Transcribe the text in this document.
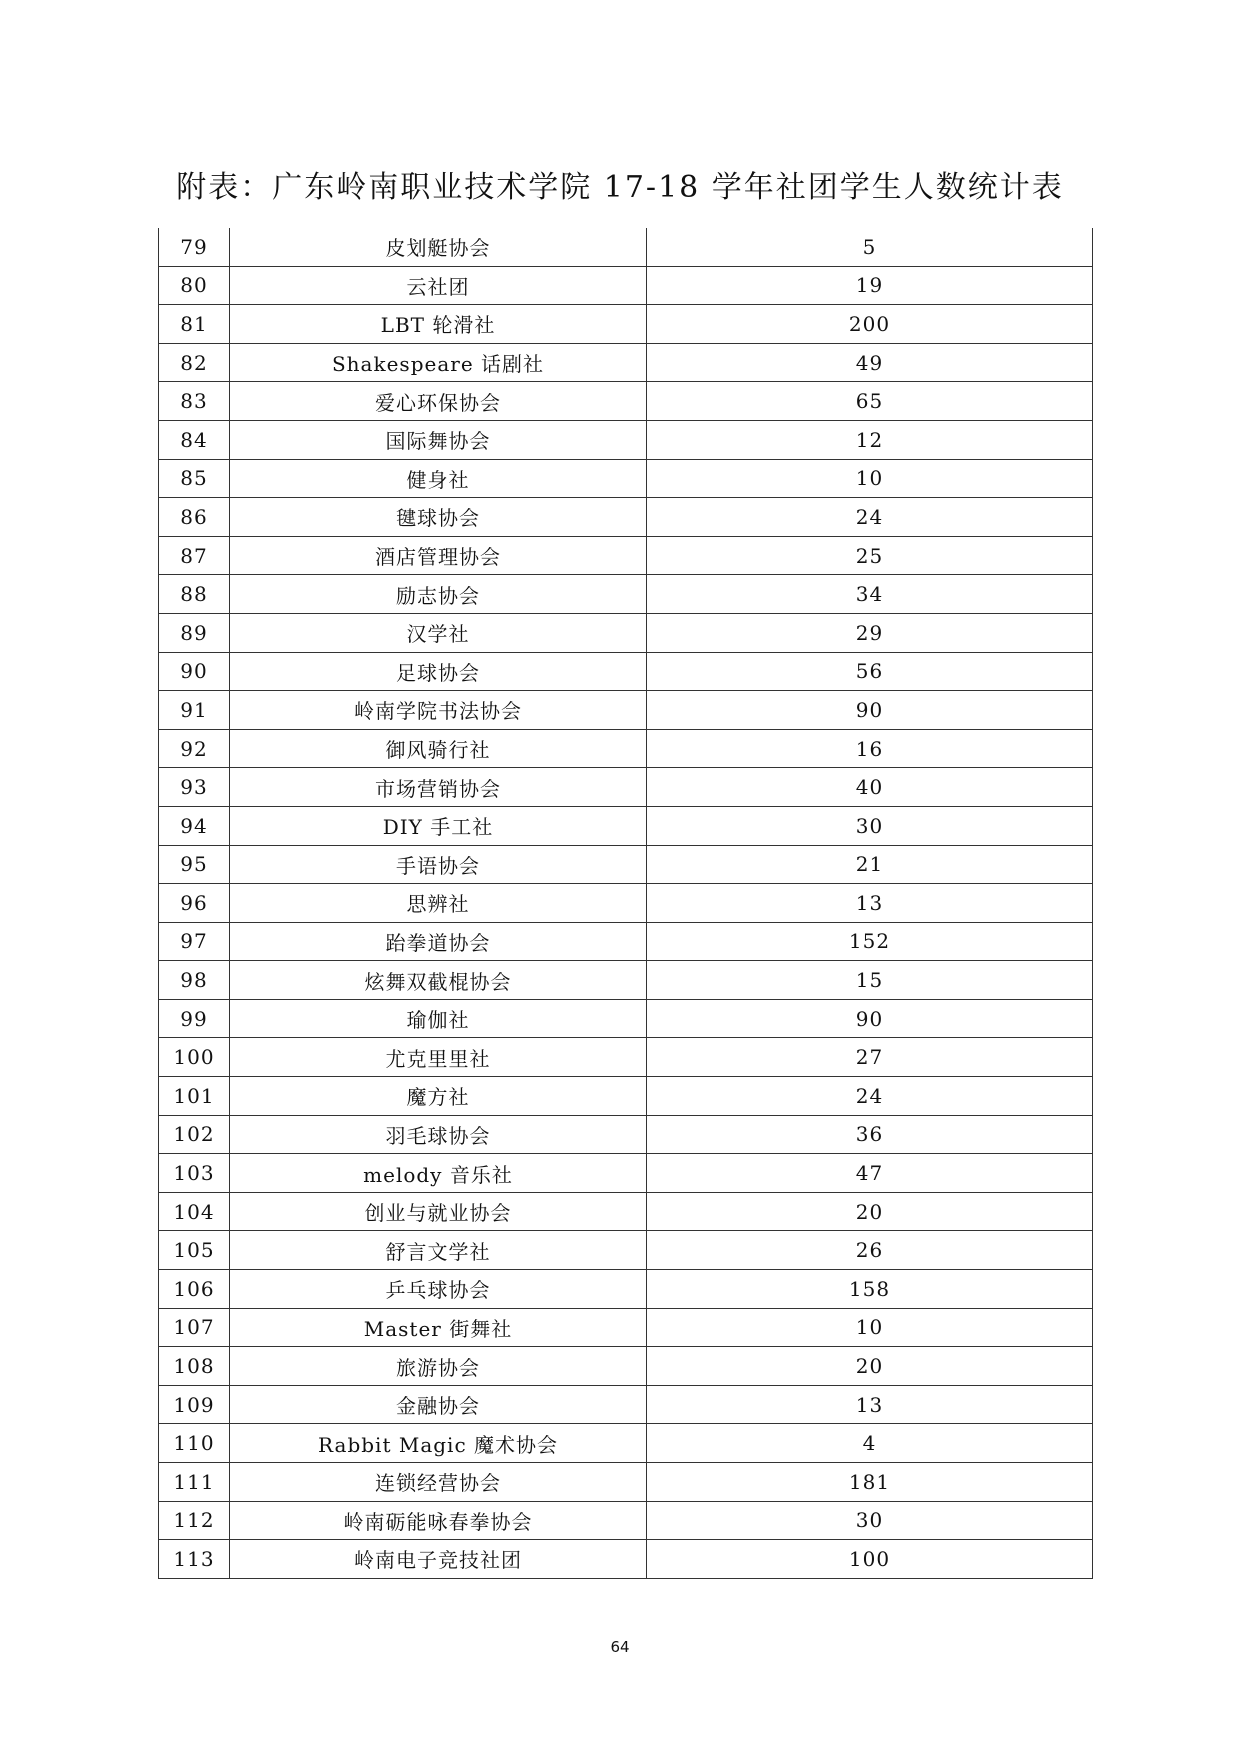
附表：广东岭南职业技术学院 17-18 学年社团学生人数统计表
79	皮划艇协会	5
80	云社团	19
81	LBT 轮滑社	200
82	Shakespeare 话剧社	49
83	爱心环保协会	65
84	国际舞协会	12
85	健身社	10
86	毽球协会	24
87	酒店管理协会	25
88	励志协会	34
89	汉学社	29
90	足球协会	56
91	岭南学院书法协会	90
92	御风骑行社	16
93	市场营销协会	40
94	DIY 手工社	30
95	手语协会	21
96	思辨社	13
97	跆拳道协会	152
98	炫舞双截棍协会	15
99	瑜伽社	90
100	尤克里里社	27
101	魔方社	24
102	羽毛球协会	36
103	melody 音乐社	47
104	创业与就业协会	20
105	舒言文学社	26
106	乒乓球协会	158
107	Master 街舞社	10
108	旅游协会	20
109	金融协会	13
110	Rabbit Magic 魔术协会	4
111	连锁经营协会	181
112	岭南砺能咏春拳协会	30
113	岭南电子竞技社团	100
64
